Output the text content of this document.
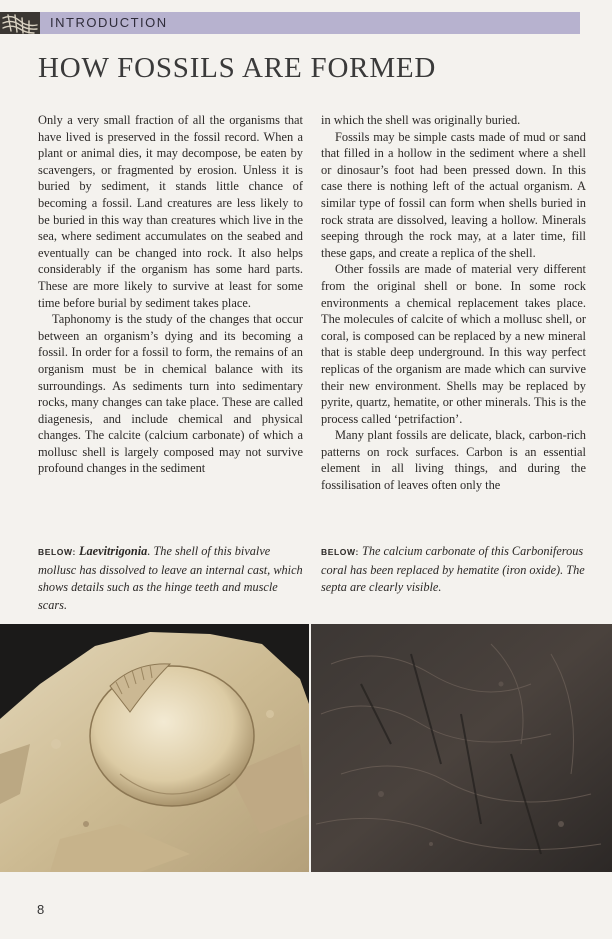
INTRODUCTION
HOW FOSSILS ARE FORMED

Only a very small fraction of all the organisms that have lived is preserved in the fossil record. When a plant or animal dies, it may decompose, be eaten by scavengers, or fragmented by erosion. Unless it is buried by sediment, it stands little chance of becoming a fossil. Land creatures are less likely to be buried in this way than creatures which live in the sea, where sediment accumulates on the seabed and eventually can be changed into rock. It also helps considerably if the organism has some hard parts. These are more likely to survive at least for some time before burial by sediment takes place.

Taphonomy is the study of the changes that occur between an organism’s dying and its becoming a fossil. In order for a fossil to form, the remains of an organism must be in chemical balance with its surroundings. As sediments turn into sedimentary rocks, many changes can take place. These are called diagenesis, and include chemical and physical changes. The calcite (calcium carbonate) of which a mollusc shell is largely composed may not survive profound changes in the sediment

in which the shell was originally buried.

Fossils may be simple casts made of mud or sand that filled in a hollow in the sediment where a shell or dinosaur’s foot had been pressed down. In this case there is nothing left of the actual organism. A similar type of fossil can form when shells buried in rock strata are dissolved, leaving a hollow. Minerals seeping through the rock may, at a later time, fill these gaps, and create a replica of the shell.

Other fossils are made of material very different from the original shell or bone. In some rock environments a chemical replacement takes place. The molecules of calcite of which a mollusc shell, or coral, is composed can be replaced by a new mineral that is stable deep underground. In this way perfect replicas of the organism are made which can survive their new environment. Shells may be replaced by pyrite, quartz, hematite, or other minerals. This is the process called ‘petrifaction’.

Many plant fossils are delicate, black, carbon-rich patterns on rock surfaces. Carbon is an essential element in all living things, and during the fossilisation of leaves often only the

BELOW: Laevitrigonia. The shell of this bivalve mollusc has dissolved to leave an internal cast, which shows details such as the hinge teeth and muscle scars.
BELOW: The calcium carbonate of this Carboniferous coral has been replaced by hematite (iron oxide). The septa are clearly visible.
8
